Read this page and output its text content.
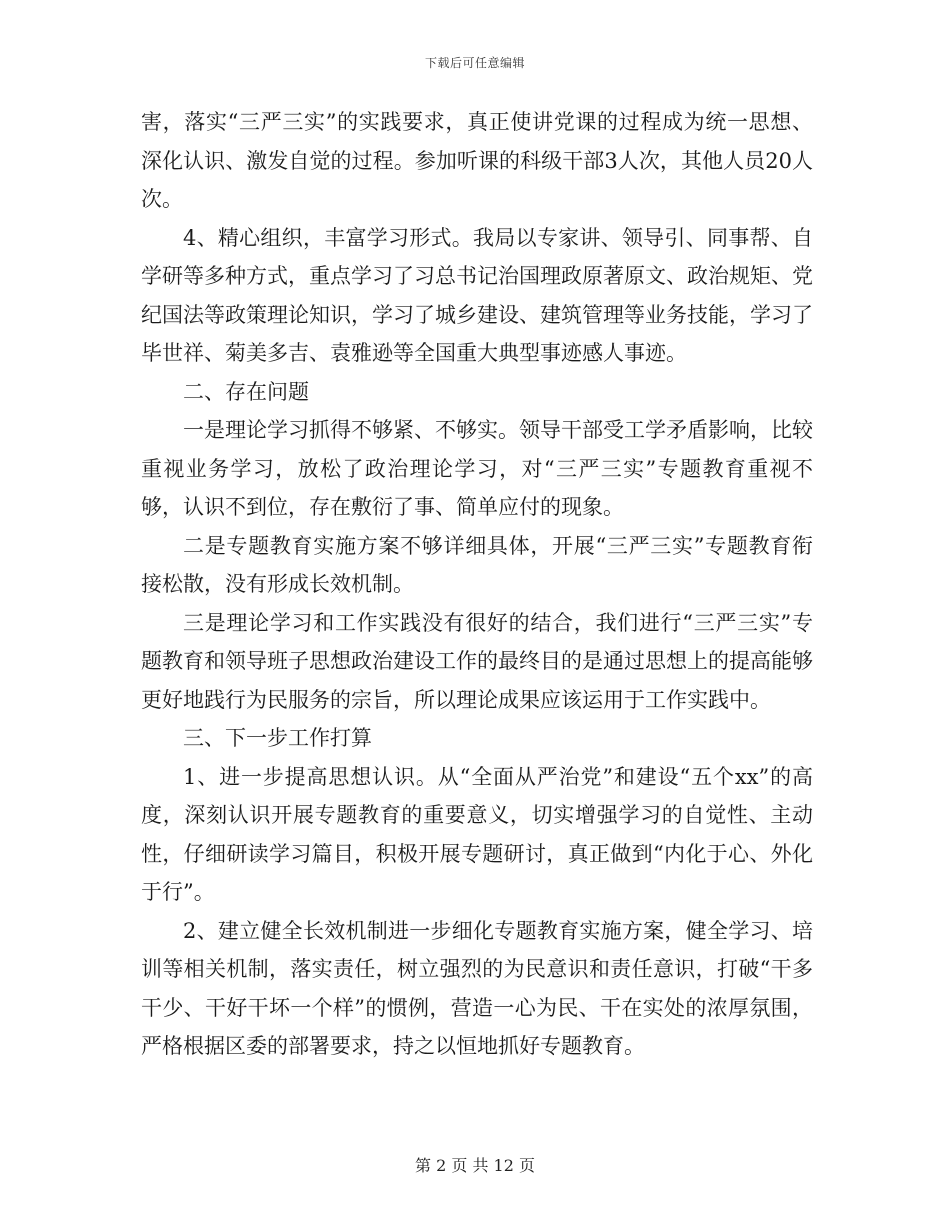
下载后可任意编辑

害，落实“三严三实”的实践要求，真正使讲党课的过程成为统一思想、深化认识、激发自觉的过程。参加听课的科级干部3人次，其他人员20人次。

4、精心组织，丰富学习形式。我局以专家讲、领导引、同事帮、自学研等多种方式，重点学习了习总书记治国理政原著原文、政治规矩、党纪国法等政策理论知识，学习了城乡建设、建筑管理等业务技能，学习了毕世祥、菊美多吉、袁雅逊等全国重大典型事迹感人事迹。

二、存在问题

一是理论学习抓得不够紧、不够实。领导干部受工学矛盾影响，比较重视业务学习，放松了政治理论学习，对“三严三实”专题教育重视不够，认识不到位，存在敷衍了事、简单应付的现象。

二是专题教育实施方案不够详细具体，开展“三严三实”专题教育衔接松散，没有形成长效机制。

三是理论学习和工作实践没有很好的结合，我们进行“三严三实”专题教育和领导班子思想政治建设工作的最终目的是通过思想上的提高能够更好地践行为民服务的宗旨，所以理论成果应该运用于工作实践中。

三、下一步工作打算

1、进一步提高思想认识。从“全面从严治党”和建设“五个xx”的高度，深刻认识开展专题教育的重要意义，切实增强学习的自觉性、主动性，仔细研读学习篇目，积极开展专题研讨，真正做到“内化于心、外化于行”。

2、建立健全长效机制进一步细化专题教育实施方案，健全学习、培训等相关机制，落实责任，树立强烈的为民意识和责任意识，打破“干多干少、干好干坏一个样”的惯例，营造一心为民、干在实处的浓厚氛围，严格根据区委的部署要求，持之以恒地抓好专题教育。

第 2 页 共 12 页
